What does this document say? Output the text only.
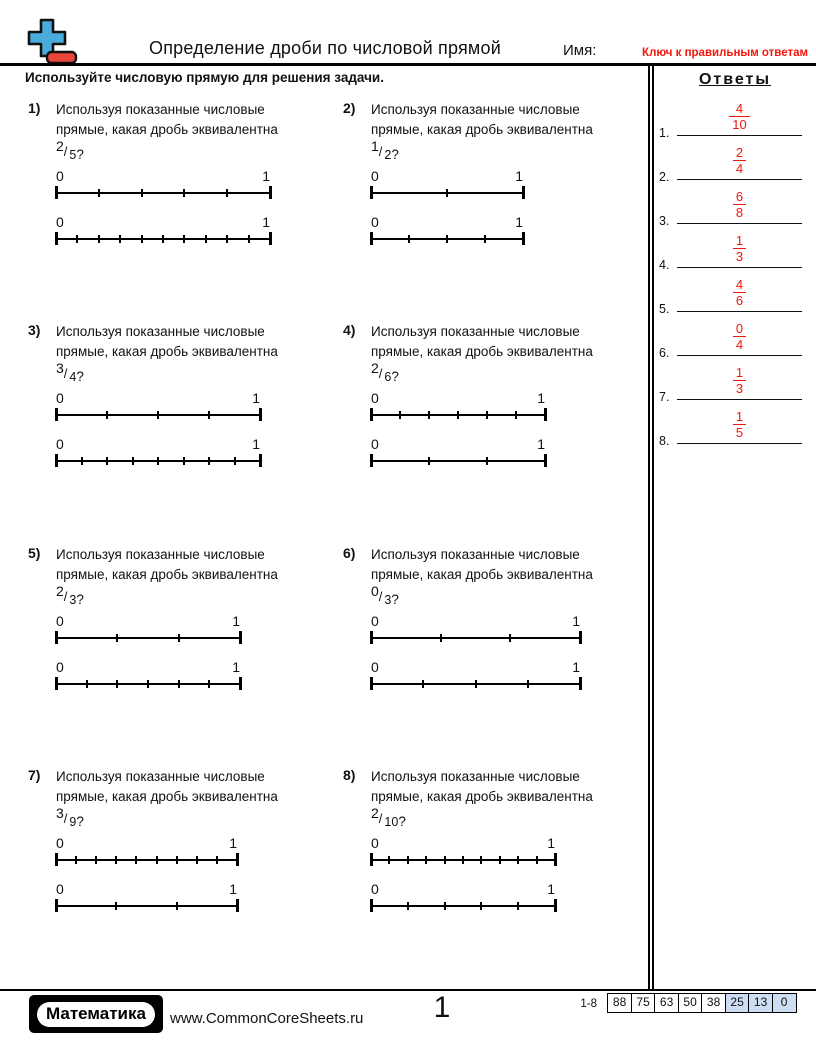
Определение дроби по числовой прямой	Имя:	Ключ к правильным ответам
Используйте числовую прямую для решения задачи.
1) Используя показанные числовые
прямые, какая дробь эквивалентна
2/ 5?
0	1
0	1
2) Используя показанные числовые
прямые, какая дробь эквивалентна
1/ 2?
0	1
0	1
3) Используя показанные числовые
прямые, какая дробь эквивалентна
3/ 4?
0	1
0	1
4) Используя показанные числовые
прямые, какая дробь эквивалентна
2/ 6?
0	1
0	1
5) Используя показанные числовые
прямые, какая дробь эквивалентна
2/ 3?
0	1
0	1
6) Используя показанные числовые
прямые, какая дробь эквивалентна
0/ 3?
0	1
0	1
7) Используя показанные числовые
прямые, какая дробь эквивалентна
3/ 9?
0	1
0	1
8) Используя показанные числовые
прямые, какая дробь эквивалентна
2/ 10?
0	1
0	1
Ответы
1.
$\frac{4}{10}$
2.
$\frac{2}{4}$
3.
$\frac{6}{8}$
4.
$\frac{1}{3}$
5.
$\frac{4}{6}$
6.
$\frac{0}{4}$
7.
$\frac{1}{3}$
8.
$\frac{1}{5}$
Математика	www.CommonCoreSheets.ru	1	1-8	88 75 63 50 38 25 13	0
